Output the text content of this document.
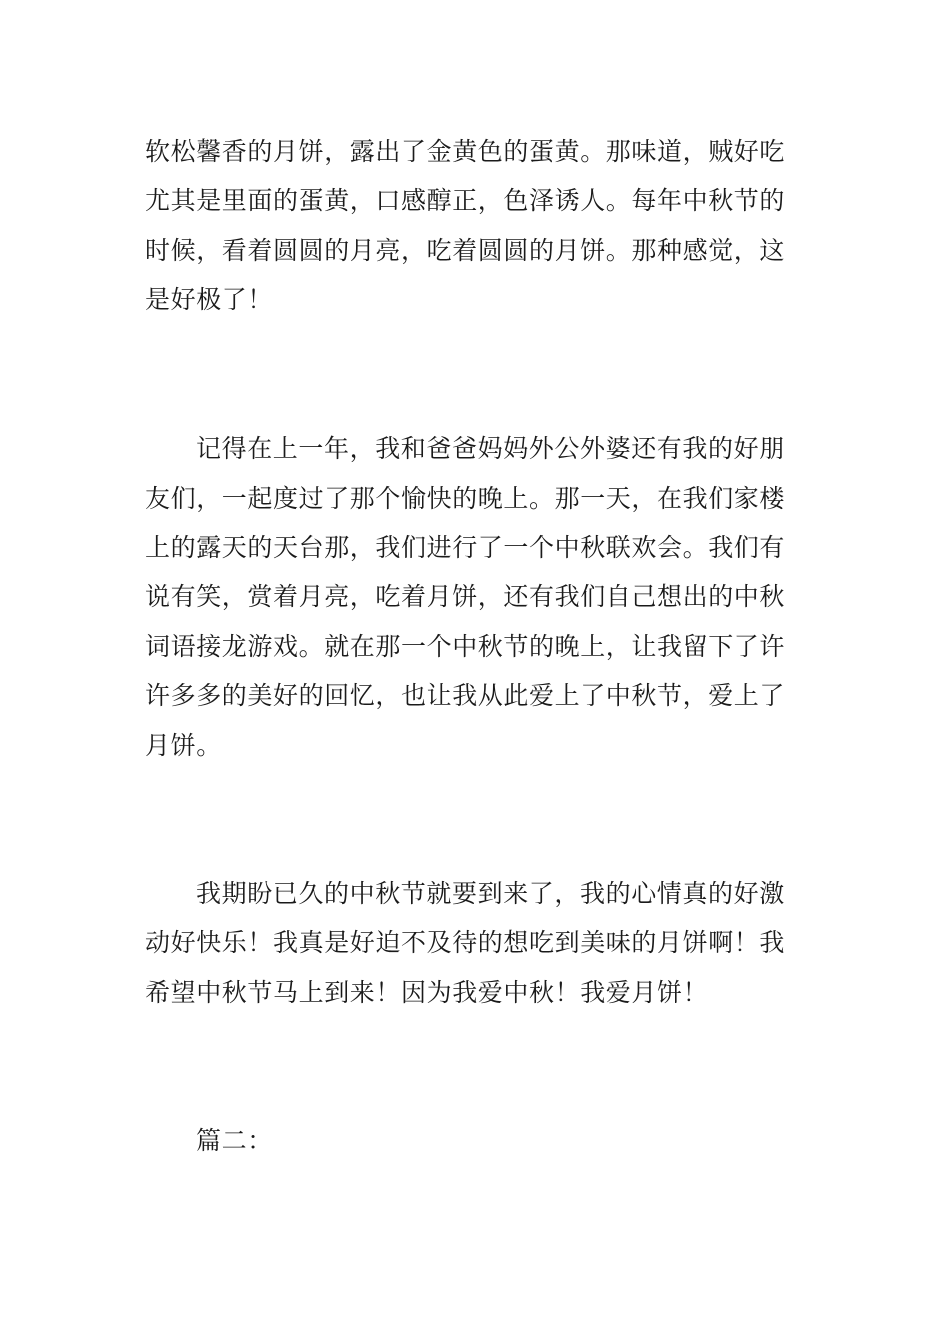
软松馨香的月饼，露出了金黄色的蛋黄。那味道，贼好吃
尤其是里面的蛋黄，口感醇正，色泽诱人。每年中秋节的
时候，看着圆圆的月亮，吃着圆圆的月饼。那种感觉，这
是好极了！
记得在上一年，我和爸爸妈妈外公外婆还有我的好朋
友们，一起度过了那个愉快的晚上。那一天，在我们家楼
上的露天的天台那，我们进行了一个中秋联欢会。我们有
说有笑，赏着月亮，吃着月饼，还有我们自己想出的中秋
词语接龙游戏。就在那一个中秋节的晚上，让我留下了许
许多多的美好的回忆，也让我从此爱上了中秋节，爱上了
月饼。
我期盼已久的中秋节就要到来了，我的心情真的好激
动好快乐！我真是好迫不及待的想吃到美味的月饼啊！我
希望中秋节马上到来！因为我爱中秋！我爱月饼！
篇二：
